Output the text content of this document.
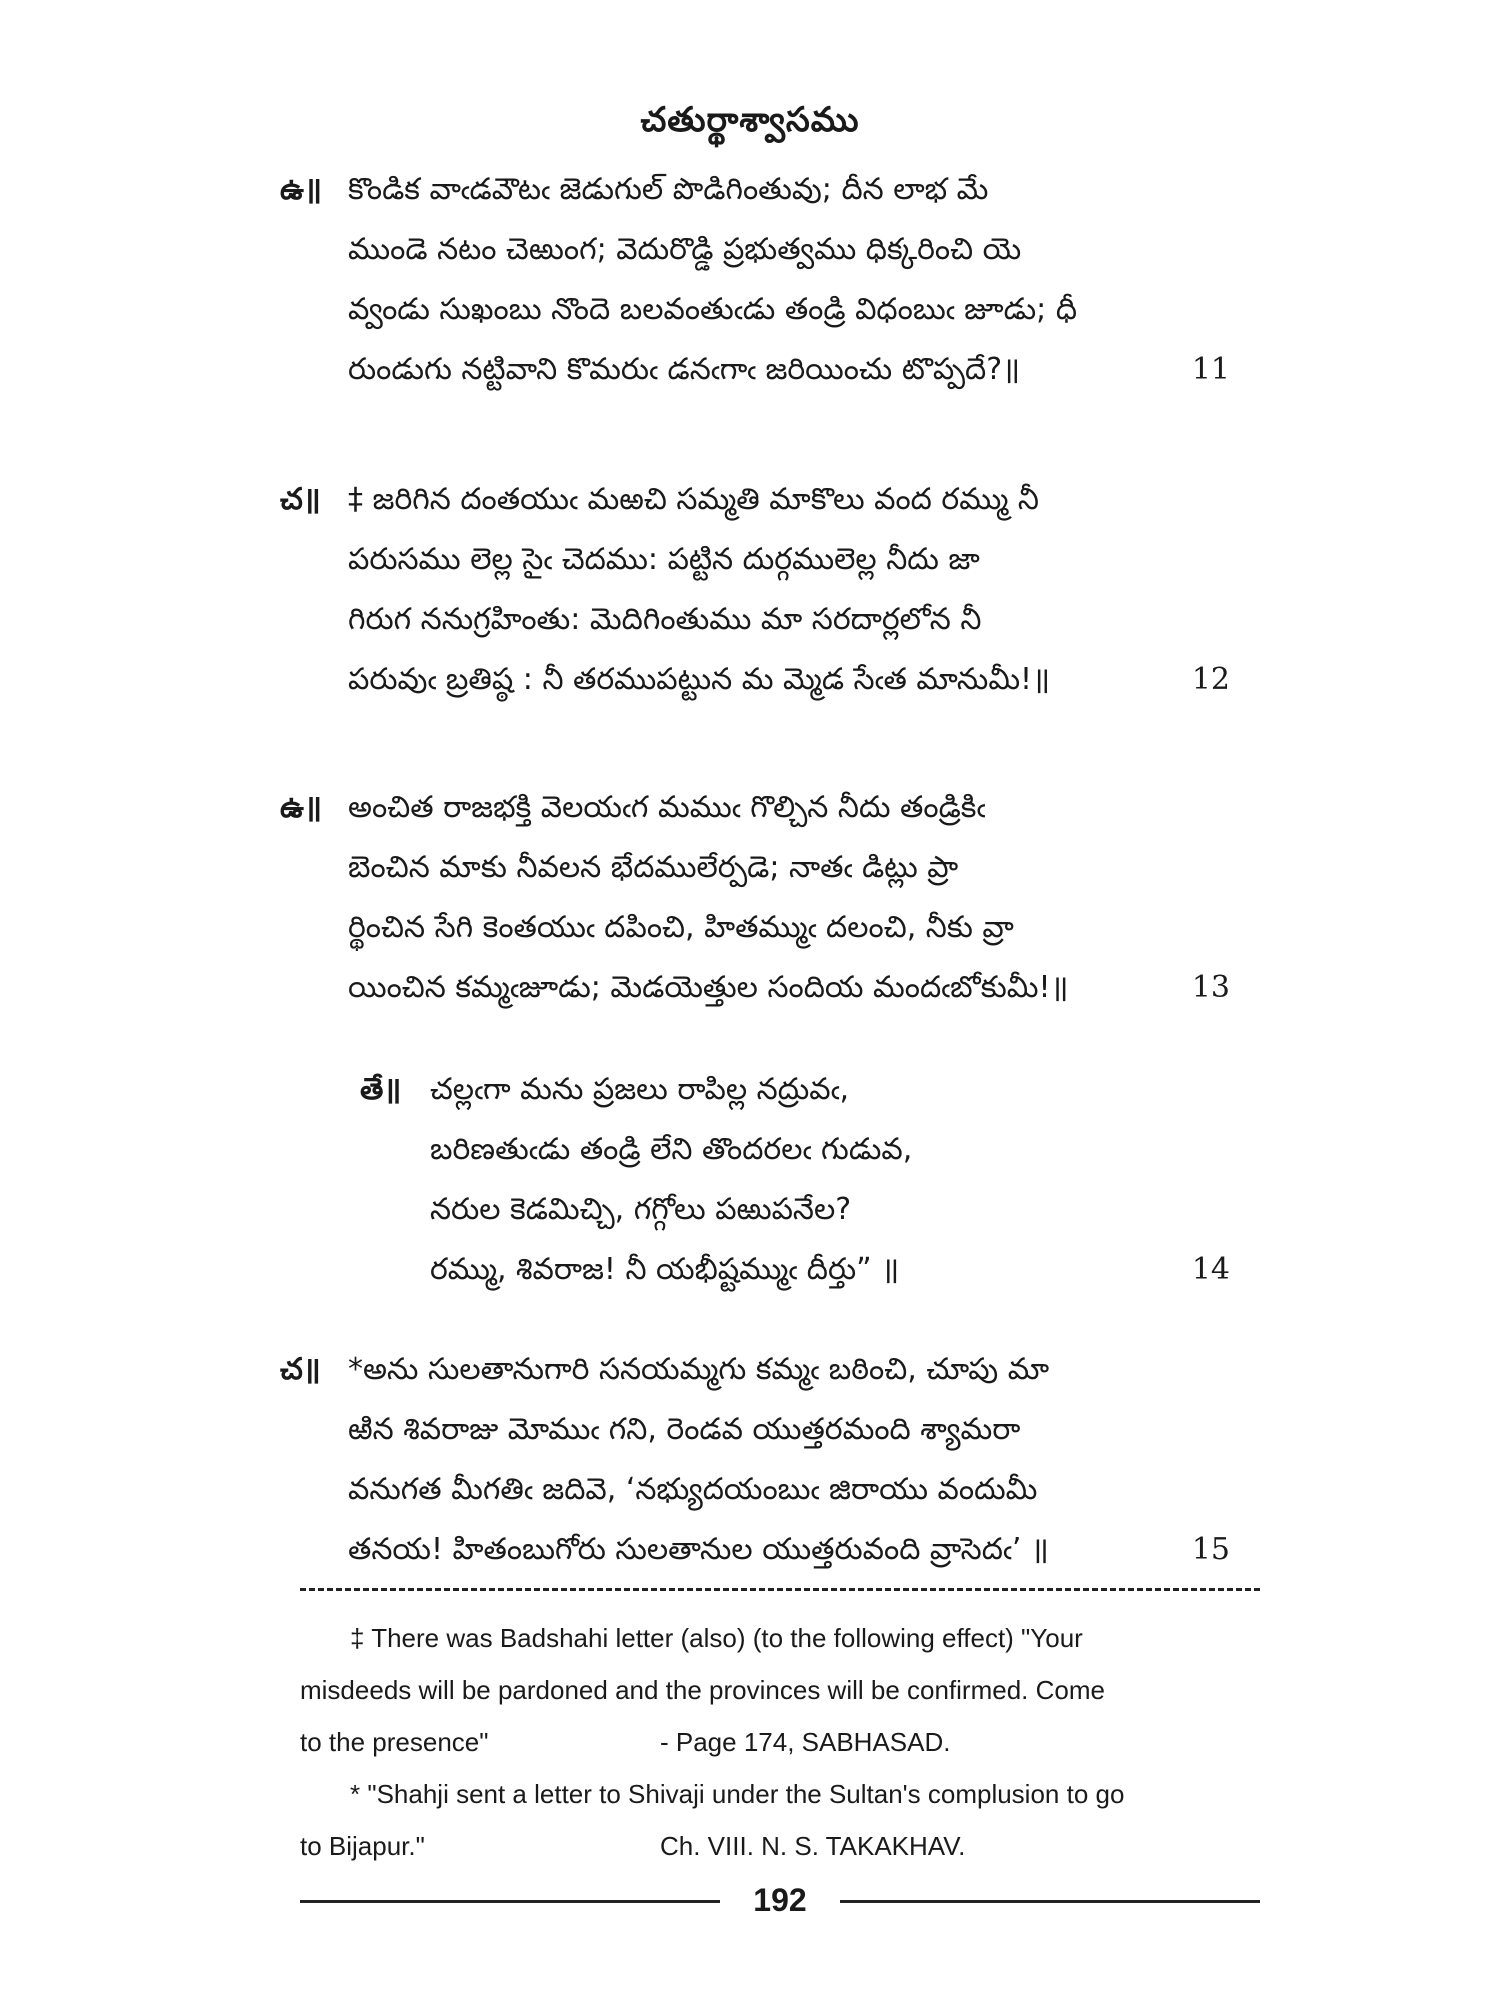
చతుర్థాశ్వాసము
ఉ॥ కొండిక వాఁడవౌటఁ జెడుగుల్ పొడిగింతువు; దీన లాభ మే
ముండె నటం చెఱుంగ; వెదురొడ్డి ప్రభుత్వము ధిక్కరించి యె
వ్వండు సుఖంబు నొందె బలవంతుఁడు తండ్రి విధంబుఁ జూడు; ధీ
రుండుగు నట్టివాని కొమరుఁ డనఁగాఁ జరియించు టొప్పదే?॥	11
చ॥ ‡ జరిగిన దంతయుఁ మఱచి సమ్మతి మాకొలు వంద రమ్ము నీ
పరుసము లెల్ల సైఁ చెదము: పట్టిన దుర్గములెల్ల నీదు జా
గిరుగ ననుగ్రహింతు: మెదిగింతుము మా సరదార్లలోన నీ
పరువుఁ బ్రతిష్ఠ : నీ తరముపట్టున మ మ్మెడ సేఁత మానుమీ!॥	12
ఉ॥ అంచిత రాజభక్తి వెలయఁగ మముఁ గొల్చిన నీదు తండ్రికిఁ
బెంచిన మాకు నీవలన భేదములేర్పడె; నాతఁ డిట్లు ప్రా
ర్థించిన సేగి కెంతయుఁ దపించి, హితమ్ముఁ దలంచి, నీకు వ్రా
యించిన కమ్మఁజూడు; మెడయెత్తుల సందియ మందఁబోకుమీ!॥	13
తే॥ చల్లఁగా మను ప్రజలు రాపిల్ల నద్రువఁ,
బరిణతుఁడు తండ్రి లేని తొందరలఁ గుడువ,
నరుల కెడమిచ్చి, గగ్గోలు పఱుపనేల?
రమ్ము, శివరాజ! నీ యభీష్టమ్ముఁ దీర్తు” ॥	14
చ॥ *అను సులతానుగారి సనయమ్మగు కమ్మఁ బఠించి, చూపు మా
ఱిన శివరాజు మోముఁ గని, రెండవ యుత్తరమంది శ్యామరా
వనుగత మీగతిఁ జదివె, ‘నభ్యుదయంబుఁ జిరాయు వందుమీ
తనయ! హితంబుగోరు సులతానుల యుత్తరువంది వ్రాసెదఁ’ ॥	15
‡ There was Badshahi letter (also) (to the following effect) "Your
misdeeds will be pardoned and the provinces will be confirmed. Come
to the presence"	- Page 174, SABHASAD.
* "Shahji sent a letter to Shivaji under the Sultan's complusion to go
to Bijapur."	Ch. VIII. N. S. TAKAKHAV.
192
